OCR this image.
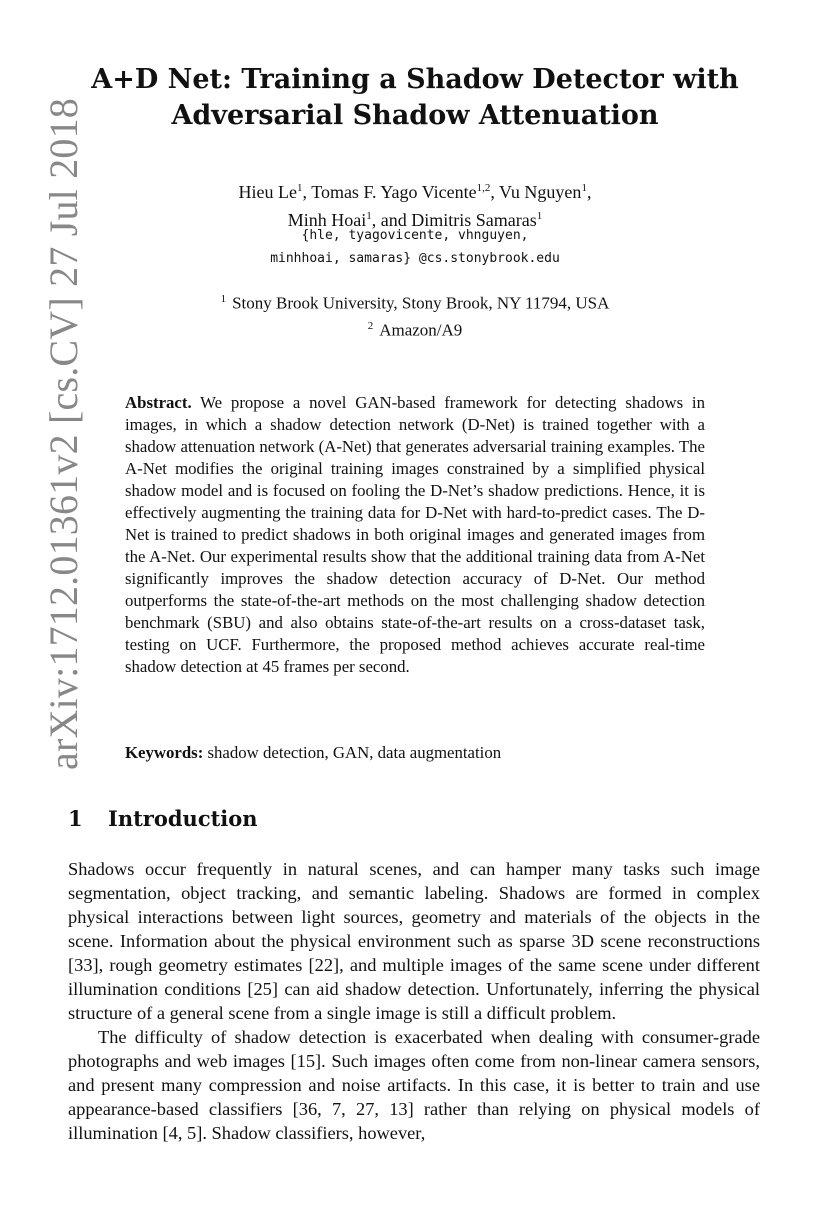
arXiv:1712.01361v2 [cs.CV] 27 Jul 2018
A+D Net: Training a Shadow Detector with
Adversarial Shadow Attenuation
Hieu Le$^1$, Tomas F. Yago Vicente$^{1,2}$, Vu Nguyen$^1$,
Minh Hoai$^1$, and Dimitris Samaras$^1$
{hle, tyagovicente, vhnguyen,
minhhoai, samaras} @cs.stonybrook.edu
$^1$ Stony Brook University, Stony Brook, NY 11794, USA
$^2$ Amazon/A9
Abstract. We propose a novel GAN-based framework for detecting shadows in images, in which a shadow detection network (D-Net) is trained together with a shadow attenuation network (A-Net) that generates adversarial training examples. The A-Net modifies the original training images constrained by a simplified physical shadow model and is focused on fooling the D-Net’s shadow predictions. Hence, it is effectively augmenting the training data for D-Net with hard-to-predict cases. The D-Net is trained to predict shadows in both original images and generated images from the A-Net. Our experimental results show that the additional training data from A-Net significantly improves the shadow detection accuracy of D-Net. Our method outperforms the state-of-the-art methods on the most challenging shadow detection benchmark (SBU) and also obtains state-of-the-art results on a cross-dataset task, testing on UCF. Furthermore, the proposed method achieves accurate real-time shadow detection at 45 frames per second.
Keywords: shadow detection, GAN, data augmentation
1 Introduction

Shadows occur frequently in natural scenes, and can hamper many tasks such image segmentation, object tracking, and semantic labeling. Shadows are formed in complex physical interactions between light sources, geometry and materials of the objects in the scene. Information about the physical environment such as sparse 3D scene reconstructions [33], rough geometry estimates [22], and multiple images of the same scene under different illumination conditions [25] can aid shadow detection. Unfortunately, inferring the physical structure of a general scene from a single image is still a difficult problem.

The difficulty of shadow detection is exacerbated when dealing with consumer-grade photographs and web images [15]. Such images often come from non-linear camera sensors, and present many compression and noise artifacts. In this case, it is better to train and use appearance-based classifiers [36, 7, 27, 13] rather than relying on physical models of illumination [4, 5]. Shadow classifiers, however,
